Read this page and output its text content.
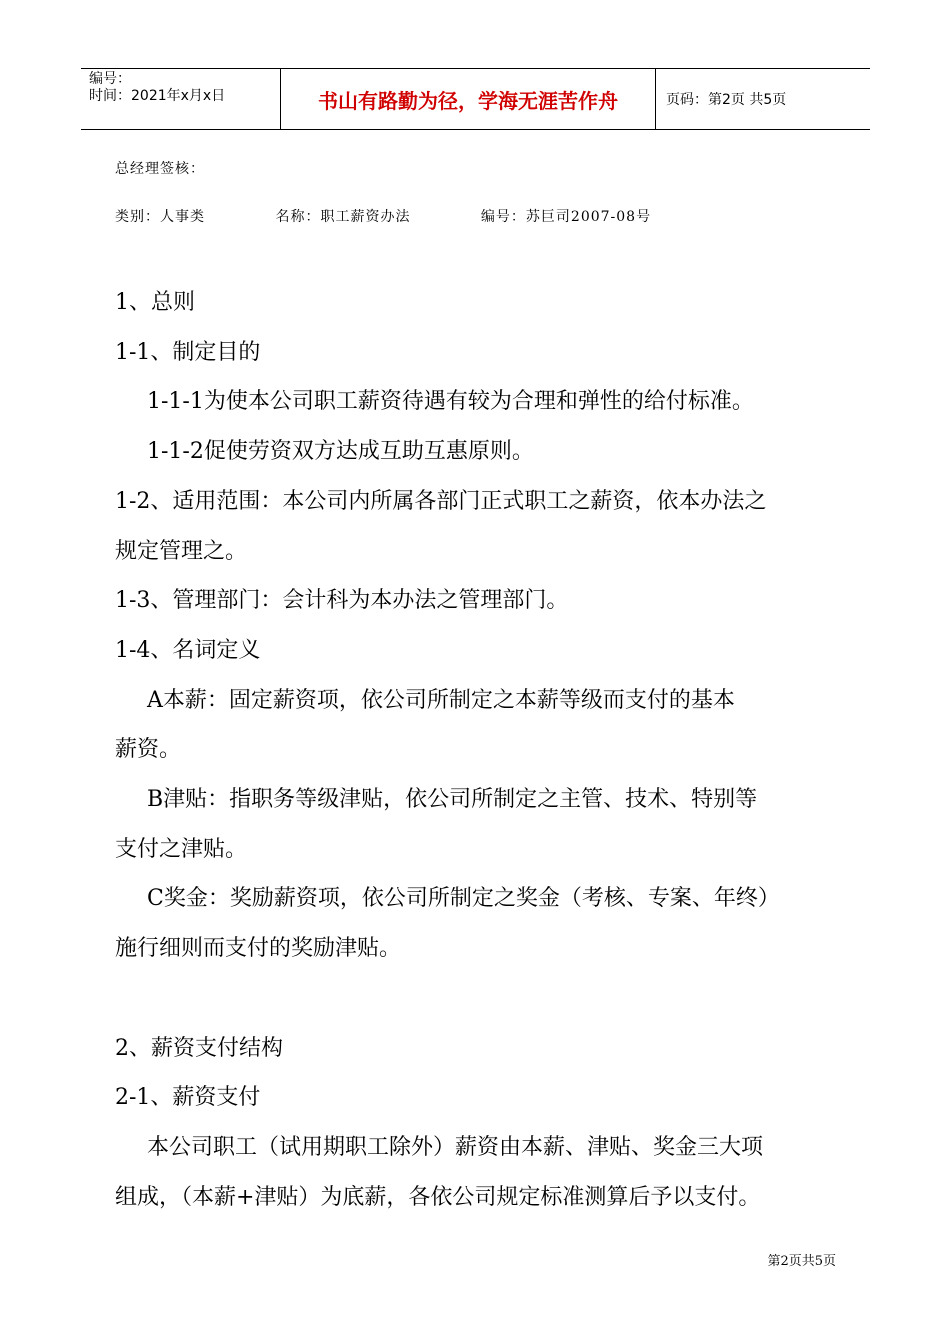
编号：
时间：2021年x月x日	书山有路勤为径，学海无涯苦作舟	页码：第2页 共5页
总经理签核：
类别：人事类	名称：职工薪资办法	编号：苏巨司2007-08号

1、总则

1-1、制定目的

1-1-1为使本公司职工薪资待遇有较为合理和弹性的给付标准。

1-1-2促使劳资双方达成互助互惠原则。

1-2、适用范围：本公司内所属各部门正式职工之薪资，依本办法之

规定管理之。

1-3、管理部门：会计科为本办法之管理部门。

1-4、名词定义

A本薪：固定薪资项，依公司所制定之本薪等级而支付的基本

薪资。

B津贴：指职务等级津贴，依公司所制定之主管、技术、特别等

支付之津贴。

C奖金：奖励薪资项，依公司所制定之奖金（考核、专案、年终）

施行细则而支付的奖励津贴。

2、薪资支付结构

2-1、薪资支付

本公司职工（试用期职工除外）薪资由本薪、津贴、奖金三大项

组成，（本薪+津贴）为底薪，各依公司规定标准测算后予以支付。

第2页共5页
